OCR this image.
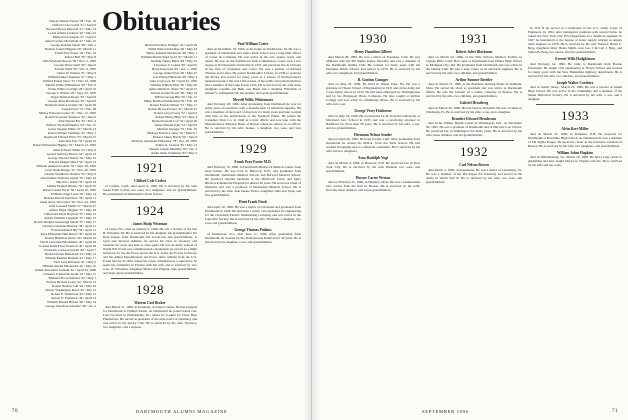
Obituaries
Warren Osman Turner '28 • Feb. 16
Clifford Cole Corbet '21 • April 9
Howard Pierce Emerson '21 • May 14
Lewis Adams Carleton '26 • May 22
Philip Avon Sargent '27 • April 2
Albert Lucius McCallum '27 • May 10
George Kendall Sands '28 • June 1
Thomas Joseph Higgins '29 • March 11
Frank Pray Foster '29 • Feb. 10
Robert Ball '30 • May 8
John Wyeland Reeves '30 • Nov. 2, 1995
George Davis Snell '30 • June 6
Everett Wills '30 • Oct. 9, 1995
James W. Winans '31 • May 9
William Duke Chapman '27 • May 1
Wilfred Ernest Shaw '27 • Feb. 23, 1996
Merrill Willis Whittemore '28 • Feb. 6
Frank Willis Coolidge '28 • April 10
George T. Pfalzer '29 • Sept. 20, 1995
Roger Sheldon Roger '29 • April 8
George Allan Hartshorn '29 • April 8
Hermann Nelson Sonder '30 • April 26
Joseph Pryor '31 • Feb. 28
Shirley Edward Crosier '31 • Dec. 12, 1995
Donald Sowerser Simpson '32 • June 6
John Warren Ely '32 • Feb. 4
Wallace Wyckoff Dudley '32 • Jan. 31
Lester Sargent White '32 • March 13
Robert Warner Vermilye '32 • May 1
Raymond Edward Fitch '33 • March 27
Alan Peel Farr '33 • April 10
Robert Elmendorf Hughes '33 • March 13, 1995
Allen Edward Smith '33 • May 6
Gerard Sullivan Brown '34 • April 23
George Vincent Donna '34 • May 12
Edward Mudge Mead '34 • April 14
William Anderson Glenn '35 • Sept. 28, 1995
Cecil Dunn Briggs '35 • Nov. 26, 1995
Charles Washburn Thomas '35 • May 6
John Palmer Nicholas Gigall '35 • May 19
Harold C. Klein '35 • April 18
Alistair English Ritchie '35 • April 10
Robert Clarke Ervin '36 • April 16, 1995
William Clapp Leete '36 • May 14
Richard Harold Davidson '36 • April 11
Dean Avery Worcester '36 • Nov. 24, 1995
John Leonard Smith '37 • March 27
Arthur Edgar Wiggins '37 • May 26
Gilbert Richards Boynton '37 • May 12
Robert William Chapman '37 • May 15
Robert Dwight Greenough Shedd '37 • May 17
Charles Carpenter Bullock '38 • April 21
Everett Richard Bly '39 • April 12
Ross McKenzie Hutchinson '39 • April 25
Robert Hamilton Davis '39 • March 10
David Cleveland McAllister '40 • April 29
Gordon Keith Frost Swenson '40 • April 26
Frenwick Cookson Sewell '40 • April 7
Richard Frank Blanchard '41 • May 12
William Barthen Bargent '41 • May 17
Paul Lane Kilbourn '41 • May 2
William Arnold Mackenzie '42 • May 10
Arthur Alexander Graham '42 • April 24, 1996
Clarence Udenwahn Keith '43 • May 15
Edmund Thorn Webster '43 • May 1
Francis Herbert Cotey '44 • March 15
Robert Dunbar Cull '44 • May 26
Robert Washington Bond '45 • July 12
Robert E. Sanderson '45 • May 12
Robert E. Frederick '46 • April 13
William Hazard Burnes '46 • May 14
George Theodore Schaefer '46 • Jan. 2
Richard Prentice Ettinger '44 • April 26
Willis Walton Partridge '46 • May 24
Henry Ashland Nardewitz '46 • May 1
William Martin Ward Scott '47 • March 11
Sterling Turner Black '49 • May 10
Lawrence S. Catena '49 • April 6
Harry Kanowitz '49 • Oct. 1, 1995
George Alden Ware '49 • May 27
Ivar Erling Hillstrom '49 • May 4
John Coyle Lee '49 • April 23, 1995
William Whitely Hale '50 • May 20
James Martin K. Peale '50 • April 27
Warren Gerald Norris '50 • May 19
Wilbur George Hitt '50 • Jan. 15
Philip Bradford Sutherland '50 • Feb. 28
Robert Francis Wilner '51 • May 17
Robert Byron Powers '52 • March 10
Robert Lloyd Carey '52 • April 4
Robert Henry Bliss '53 • May 4
Richard Gerald Cox '53 • April 20
James Donald Irani '54 • April 9
Michael Sprague '55 • Feb. 25
Michael Francis Lemay '55 • March 1
Richard James Harris '56 • June 9
Nicholas Alexander Philosmar '78 • Oct. 28, 1995
Arthur K. Jackson '81 • May 14
Vincent Joseph Marzullo '85 • Jan. 2
Adam Allen Schulman '93 • May 5
1921
Clifford Cole Corbet
of Carmel, Calif., died April 9, 1996. He is survived by his wife Susan Faith Corbet, two sons, two daughters, and six grandchildren. He participated in Dartmouth's Track School.
1924
James Sholp Wiseman
of Largo, Fla., died on January 9, 1996. He was a brother of the late H. Wiseman '26. He is survived by his daughter, his granddaughter Pat Rose Kappo from Dartmouth, his son-in-law and grandchildren. A loyal and devoted alumnus, he served his class as secretary and treasurer for years and later as class agent. He was an Army veteran of World War II and was commissioned a lieutenant, he served as a flight instructor for the Air Force and in the U.S. Army Air Forces in Europe and the Allied Expeditionary Air Force. After retiring from the U.S. Postal Service in 1964, where his career culminated as a supervisor, he spent his retirement in Florida with his wife and is survived by two sons, W. Wiseman, daughters Meara and Virginia, nine grandchildren, and many great-grandchildren.
1928
Warren Carl Becker
died March 21, 1996, in Kentucky of natural causes. Becker prepped for Dartmouth at Phillips Exeter. At Dartmouth he joined Theta Chi. Later he lived in Philadelphia, Pa., where he worked for Tabor Hale Pharmacies. He served as president of the state board of pharmacy and was active in the Rotary Club. He is survived by his wife, Florence, two daughters, and a stepson.
Paul William Cotter
died on December 18, 1995, at his home in Northbrook, Ill. He was a graduate of Dartmouth and Amos Tuck School and a long-time officer of Cotter & Company. He was active in the arts, nature, track, and tennis. He was on the Northbrook Park Commission. Cotter took a law degree at Northwestern University in 1931 and practiced law in Chicago in the firm of Claybaine and Cotter. He was a partner of Richard Thomas and Cotter. He joined Dartmouth's Library in 1936 to promote the library and served for many years as a trustee of Northwestern's memorial project. He was a life trustee of the public and private libraries and a member of the Lake Forest Club. He is survived by his wife June, daughters Cynthia and Beth, son Brent and a daughter Elizabeth of Gilbert S. Gillingham '36, his brother; and seven grandchildren.
Merrill Willis Whittemore
died February 26, 1996. After graduating from Dartmouth he was for many years an executive with a manufacturer of industrial supplies. He was a member of the board of directors for many years and later worked with him on the publications of the Northern Plains. He joined the Carpenter Trust Co. in 1946 as a trust officer and was later with the Manufacturers National Bank of Boston where he retired as an officer. He is survived by his wife Jeanne, a daughter, two sons, and four grandchildren.
1929
Frank Pray Foster M.D.
died February 10, 1996, in Dartmouth-Hitchcock Medical Center from heart failure. He was born in Hancock, N.H., and graduated from Dartmouth, Dartmouth Medical School, and Harvard Medical School. He practiced internal medicine at the Hitchcock Clinic and Mary Hitchcock Memorial Hospital for almost 40 years. He served as Chief of Medicine and was a professor at Dartmouth Medical School. He is survived by his wife, Jean Deane Foster, daughters Julia and Lynn, and five grandchildren.
Hunt Frank Finch
died April 10, 1996. He was a native of Cleveland and graduated from Dartmouth in 1929. He had been a senior vice president for engineering for the Cleveland Electric Illuminating Company and was active in the Lake Erie Society. He is survived by his wife, Elizabeth, a daughter, two sons, and grandchildren.
George Thomas Polakos
of Pemberton, N.J., died June 11, 1996. After graduating from Dartmouth, he worked for the Pennsylvania Railroad for 40 years. He is survived by his daughter, a son, and grandchildren.
70	DARTMOUTH ALUMNI MAGAZINE
1930
Henry Hamilton Gilbert
died March 28, 1996. He was a native of Pasadena, Calif. He was affiliated with the Phi Sigma Kappa fraternity and was a member of the Dartmouth Outing Club. He worked for many years with the Pasadena Public Library and retired in 1970. He is survived by his wife, two daughters, and grandchildren.
R. Gordon Granger
died on May 25, 1996. He lived in Winter Park, Fla. He was a graduate of Thayer School of Engineering in 1931 and of the Army Air Corps flying school in 1932. He had been employed by Westinghouse and by the Bridgeport Brass Company. He later taught at Rollins College and was active in community affairs. He is survived by his wife and a son.
George Vesey Fishburne
died on May 18, 1996. He received his LL.B. from the University of Maryland Law School in 1933 and was a practicing attorney in Baltimore for more than 50 years. He is survived by his wife, a son, and two grandchildren.
Hermann Nelson Sonder
died on April 26, 1996. He lived in Ojai, Calif. After graduating from Dartmouth he earned his M.B.A. from the Tuck School. He had worked in banking and as a financial consultant. He is survived by his wife and two daughters.
Arno Rudolph Vogt
died on March 4, 1996, in Hanover, N.H. He practiced law in New York City. He is survived by his wife Hannah, two sons, and grandchildren.
Horace Carter Weston
died on February 25, 1996, in Duxbury, Mass. He was a businessman who retired from his firm in Boston. He is survived by his wife, Dorothy, three children, and seven grandchildren.
1931
Robert Juliet Blackmon
died on March 24, 1996, at the Villa Victoria Medical Facility in Laguna Hills, Calif. Bob came to Dartmouth from Elmira High School in Michigan City, Ind. He graduated from Dartmouth and was active in the Outing Club. He had a long career as an electrical engineer. He is survived by his wife, two children, and grandchildren.
Arthur Sumner Brettler
died on March 15, 1996, at the Braeburn Nursing Home in Waltham, Mass. He served his class as president and was active in Dartmouth affairs. He was the founder of a textile company in Boston. He is survived by his wife, two children, and grandchildren.
Gabriel Hrostberg
died on March 26, 1996. He had been in ill health. He was a banker in Pittsburgh, Pa. He is survived by his wife, a son, and a daughter.
Benedict Edward Henderson
died in the Walker Health Center in Wilmington, Del., on December 29, 1995. He was a graduate of Dartmouth and of Harvard Law School. He practiced law in Wilmington for many years. He is survived by his wife, three children, and six grandchildren.
1932
Carl Nelson Bowen
died March 2, 1996, of pneumonia. He was a native of Lynchburg, Va. He was a member of the Phi Kappa Psi fraternity and served in the Army in World War II. He is survived by his wife, two sons, and grandchildren.
In WW II he served as a lieutenant in the U.S. Army Corps of Engineers. In 1954, after managerial positions with several firms, he joined the New York City Fire Department as a chemical engineer. In 1967 he transferred to the bureau of water supply, retiring as deputy chief engineer in 1978. He is survived by his wife Frances, Helen C. Berg, daughters Mary Helen Smith, sons Leo J. & Carl J. Berg, and Simon B. Berg, two nieces, and five grandchildren.
Everett Wills Hodgkinson
died February 14, 1996. He came to Dartmouth from Boston University. He taught civil engineering at Thayer School and worked for many years with the New Hampshire highway department. He is survived by his wife, two children, and grandchildren.
Joseph Walter Cordeiro
died in Salem, Mass., March 21, 1996. He was a teacher at Salem High School. He was active in his community and a member of the Salem Historical Society. He is survived by his wife, a son, and a daughter.
1933
Alvin Kerr Miller
died on March 22, 1996, in Kingston, N.H. He prepared for Dartmouth at Brookline High School. At Dartmouth he was a member of Phi Sigma Kappa. He spent his career in the insurance business in Boston. He is survived by his wife, two daughters, and grandchildren.
William Johns Hopkins
died in Williamsburg, Va., March 16, 1996. He had a long career in publishing and later taught history in Virginia schools. He is survived by his wife and two sons.
SEPTEMBER 1996	71
